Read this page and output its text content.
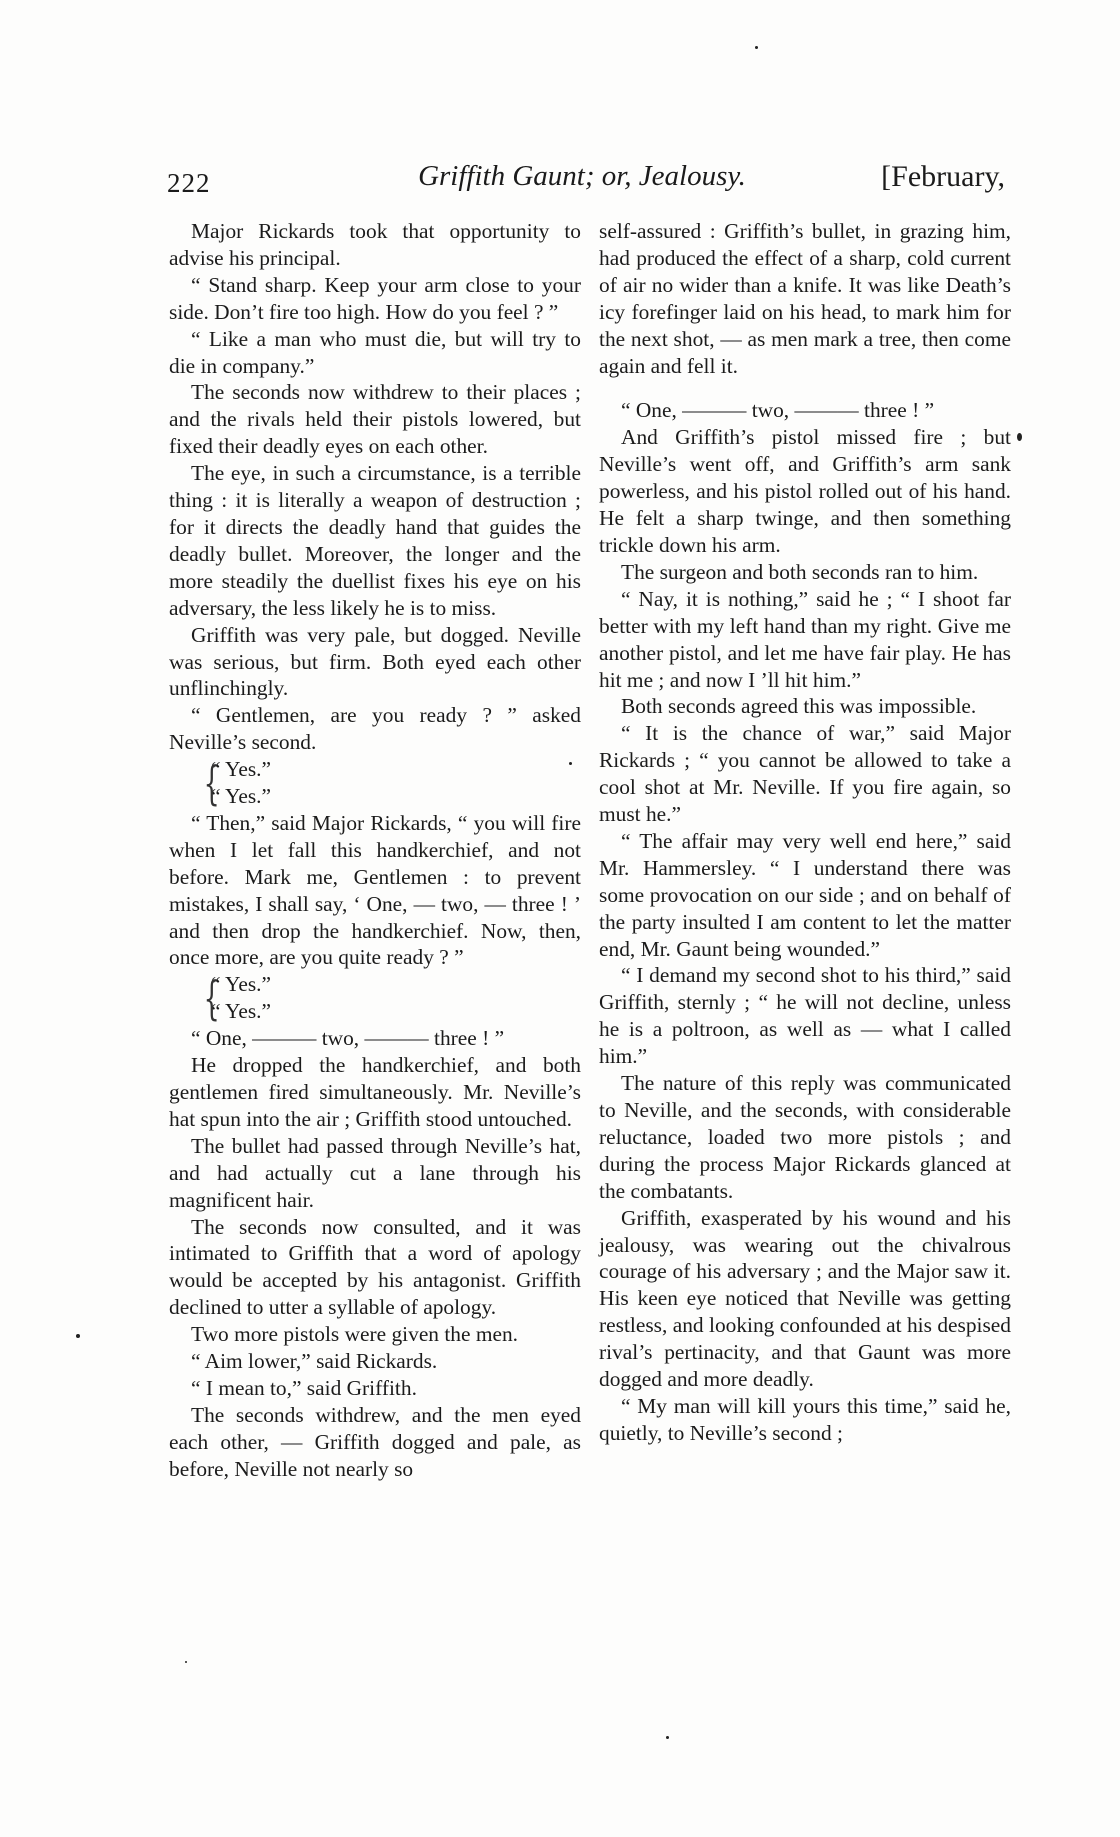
222	Griffith Gaunt; or, Jealousy.	[February,

Major Rickards took that opportunity to advise his principal.

“ Stand sharp. Keep your arm close to your side. Don’t fire too high. How do you feel ? ”

“ Like a man who must die, but will try to die in company.”

The seconds now withdrew to their places ; and the rivals held their pistols lowered, but fixed their deadly eyes on each other.

The eye, in such a circumstance, is a terrible thing : it is literally a weapon of destruction ; for it directs the deadly hand that guides the deadly bullet. Moreover, the longer and the more steadily the duellist fixes his eye on his adversary, the less likely he is to miss.

Griffith was very pale, but dogged. Neville was serious, but firm. Both eyed each other unflinchingly.

“ Gentlemen, are you ready ? ” asked Neville’s second.

{

“ Yes.”

“ Yes.”

“ Then,” said Major Rickards, “ you will fire when I let fall this handkerchief, and not before. Mark me, Gentlemen : to prevent mistakes, I shall say, ‘ One, — two, — three ! ’ and then drop the handkerchief. Now, then, once more, are you quite ready ? ”

{

“ Yes.”

“ Yes.”

“ One, ——— two, ——— three ! ”

He dropped the handkerchief, and both gentlemen fired simultaneously. Mr. Neville’s hat spun into the air ; Griffith stood untouched.

The bullet had passed through Neville’s hat, and had actually cut a lane through his magnificent hair.

The seconds now consulted, and it was intimated to Griffith that a word of apology would be accepted by his antagonist. Griffith declined to utter a syllable of apology.

Two more pistols were given the men.

“ Aim lower,” said Rickards.

“ I mean to,” said Griffith.

The seconds withdrew, and the men eyed each other, — Griffith dogged and pale, as before, Neville not nearly so

self-assured : Griffith’s bullet, in grazing him, had produced the effect of a sharp, cold current of air no wider than a knife. It was like Death’s icy forefinger laid on his head, to mark him for the next shot, — as men mark a tree, then come again and fell it.

“ One, ——— two, ——— three ! ”

And Griffith’s pistol missed fire ; but Neville’s went off, and Griffith’s arm sank powerless, and his pistol rolled out of his hand. He felt a sharp twinge, and then something trickle down his arm.

The surgeon and both seconds ran to him.

“ Nay, it is nothing,” said he ; “ I shoot far better with my left hand than my right. Give me another pistol, and let me have fair play. He has hit me ; and now I ’ll hit him.”

Both seconds agreed this was impossible.

“ It is the chance of war,” said Major Rickards ; “ you cannot be allowed to take a cool shot at Mr. Neville. If you fire again, so must he.”

“ The affair may very well end here,” said Mr. Hammersley. “ I understand there was some provocation on our side ; and on behalf of the party insulted I am content to let the matter end, Mr. Gaunt being wounded.”

“ I demand my second shot to his third,” said Griffith, sternly ; “ he will not decline, unless he is a poltroon, as well as — what I called him.”

The nature of this reply was communicated to Neville, and the seconds, with considerable reluctance, loaded two more pistols ; and during the process Major Rickards glanced at the combatants.

Griffith, exasperated by his wound and his jealousy, was wearing out the chivalrous courage of his adversary ; and the Major saw it. His keen eye noticed that Neville was getting restless, and looking confounded at his despised rival’s pertinacity, and that Gaunt was more dogged and more deadly.

“ My man will kill yours this time,” said he, quietly, to Neville’s second ;
